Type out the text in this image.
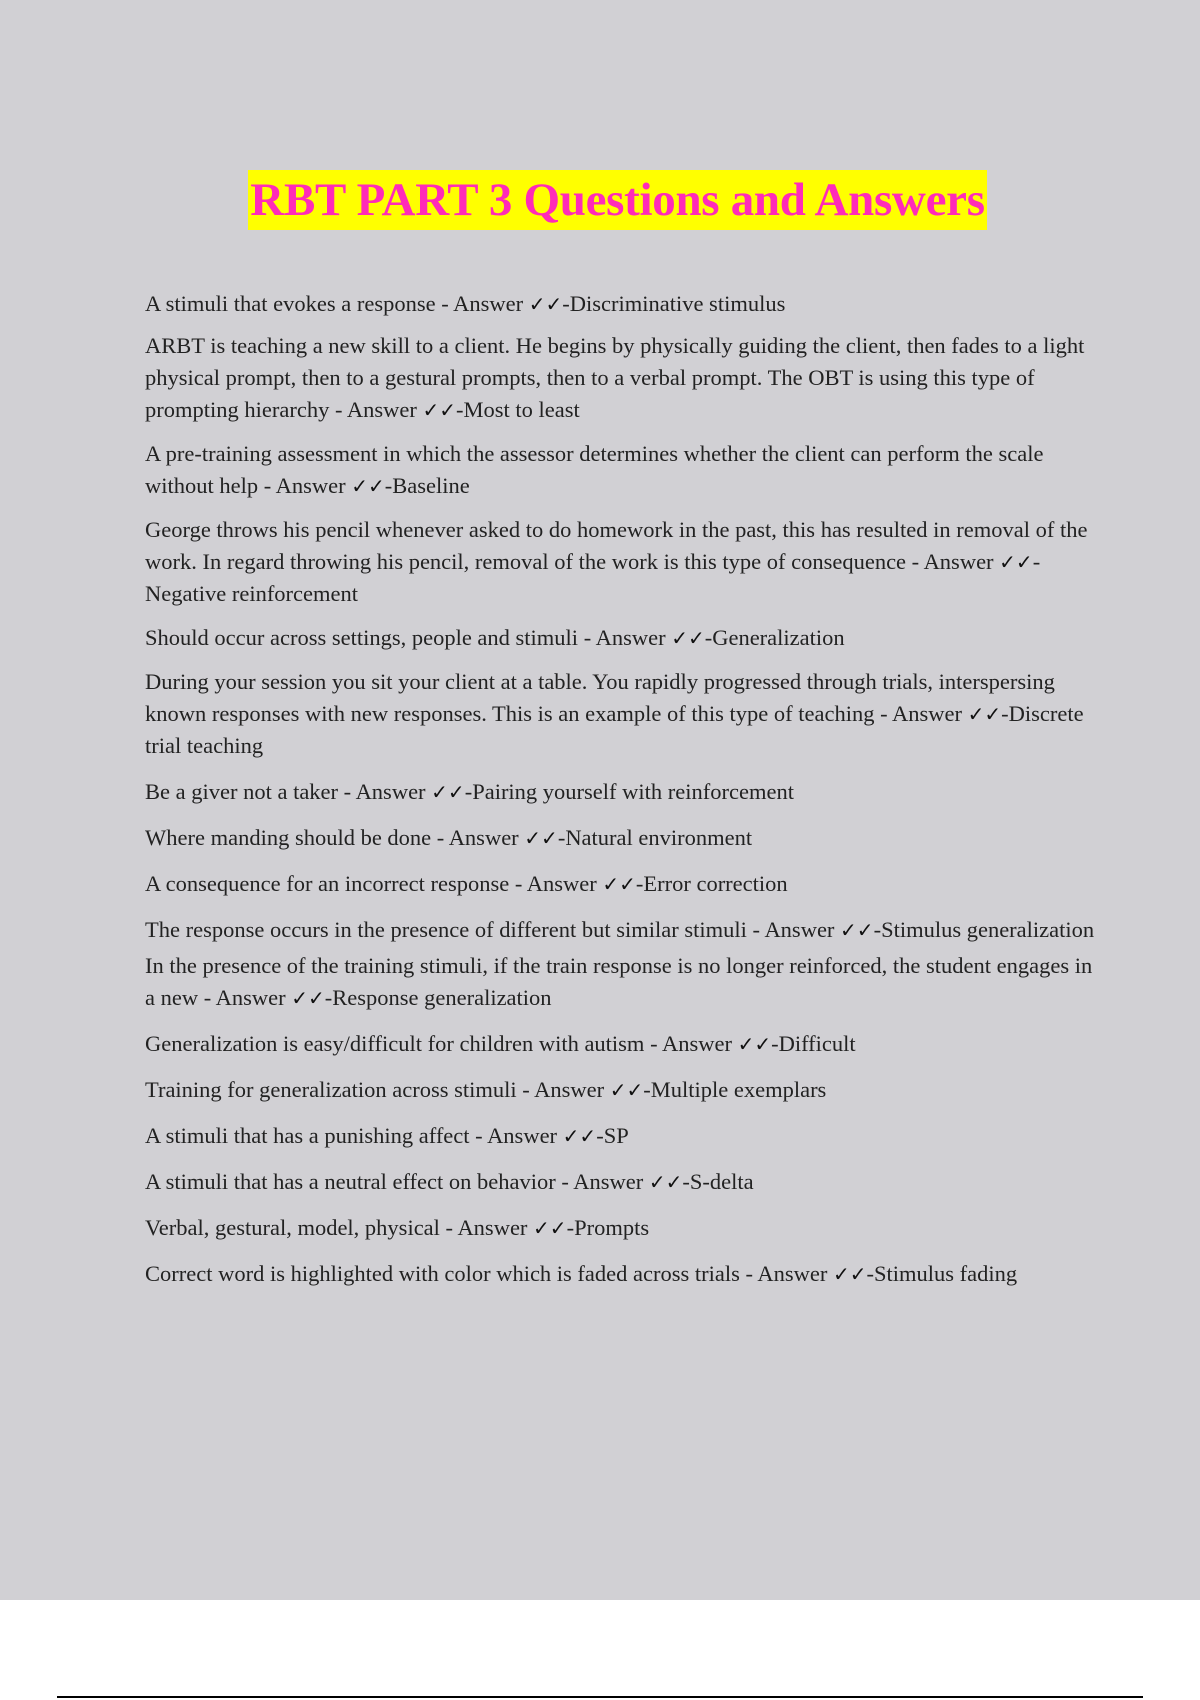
RBT PART 3 Questions and Answers

A stimuli that evokes a response - Answer ✓✓-Discriminative stimulus

ARBT is teaching a new skill to a client. He begins by physically guiding the client, then fades to a light physical prompt, then to a gestural prompts, then to a verbal prompt. The OBT is using this type of prompting hierarchy - Answer ✓✓-Most to least

A pre-training assessment in which the assessor determines whether the client can perform the scale without help - Answer ✓✓-Baseline

George throws his pencil whenever asked to do homework in the past, this has resulted in removal of the work. In regard throwing his pencil, removal of the work is this type of consequence - Answer ✓✓-Negative reinforcement

Should occur across settings, people and stimuli - Answer ✓✓-Generalization

During your session you sit your client at a table. You rapidly progressed through trials, interspersing known responses with new responses. This is an example of this type of teaching - Answer ✓✓-Discrete trial teaching

Be a giver not a taker - Answer ✓✓-Pairing yourself with reinforcement

Where manding should be done - Answer ✓✓-Natural environment

A consequence for an incorrect response - Answer ✓✓-Error correction

The response occurs in the presence of different but similar stimuli - Answer ✓✓-Stimulus generalization

In the presence of the training stimuli, if the train response is no longer reinforced, the student engages in a new - Answer ✓✓-Response generalization

Generalization is easy/difficult for children with autism - Answer ✓✓-Difficult

Training for generalization across stimuli - Answer ✓✓-Multiple exemplars

A stimuli that has a punishing affect - Answer ✓✓-SP

A stimuli that has a neutral effect on behavior - Answer ✓✓-S-delta

Verbal, gestural, model, physical - Answer ✓✓-Prompts

Correct word is highlighted with color which is faded across trials - Answer ✓✓-Stimulus fading
